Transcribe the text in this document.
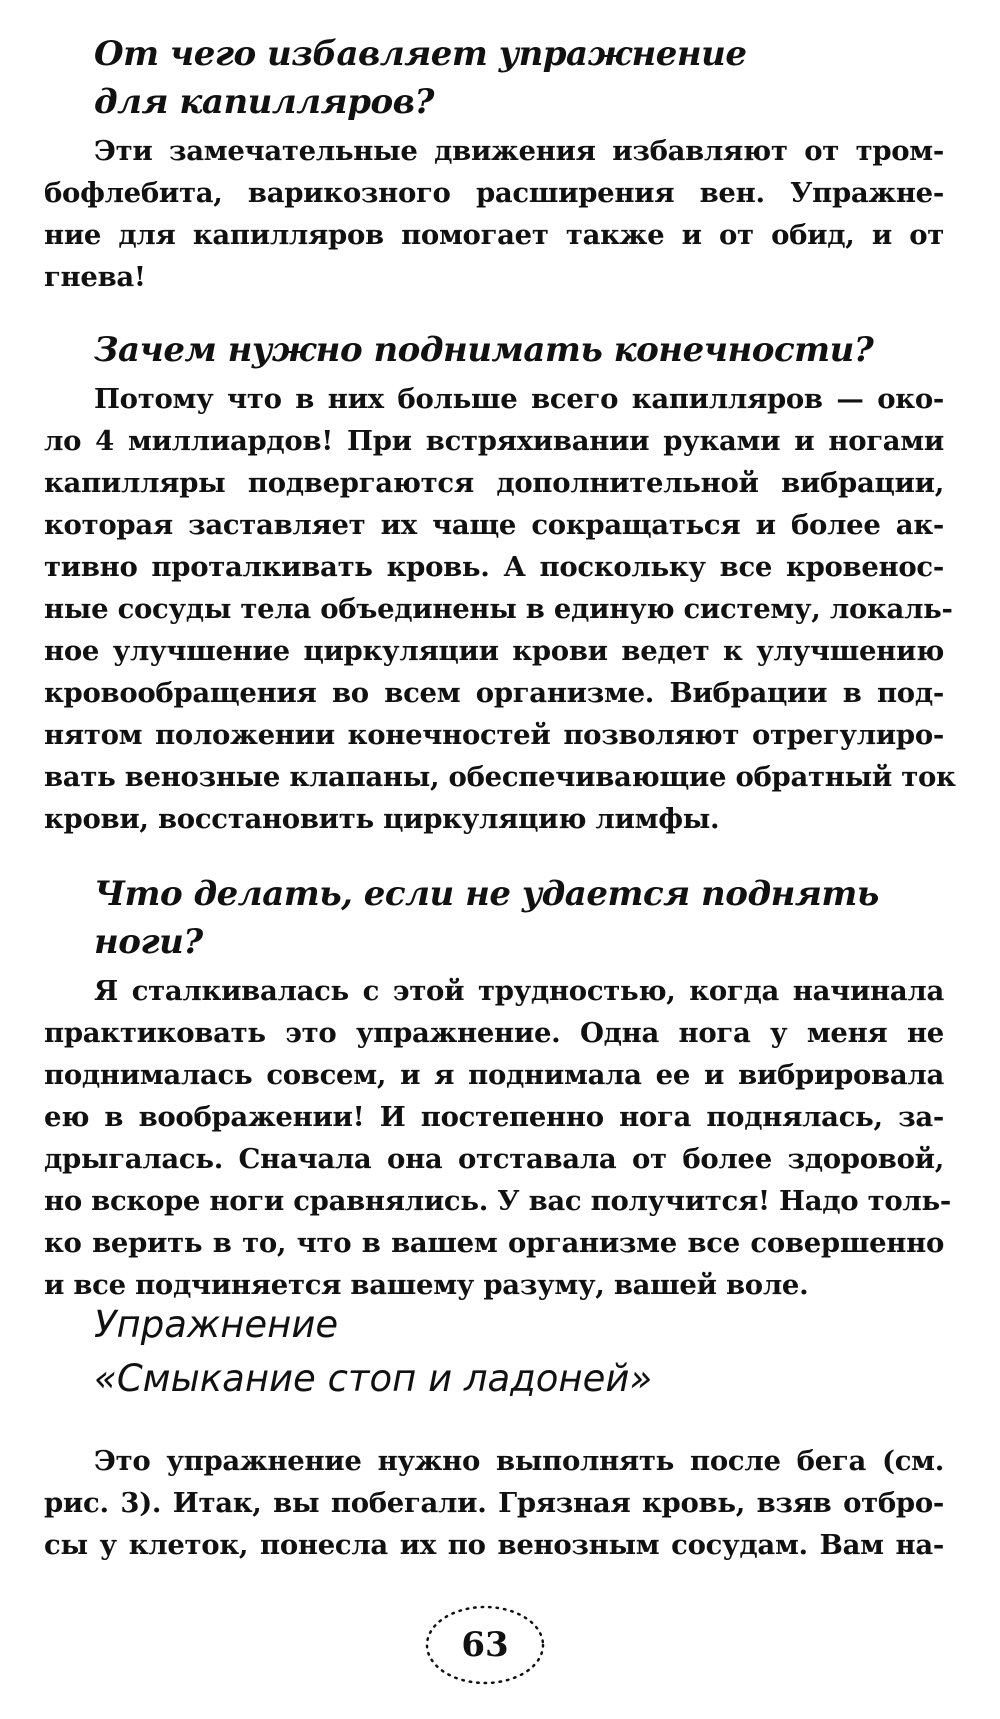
От чего избавляет упражнение
для капилляров?
Эти замечательные движения избавляют от тром-
бофлебита, варикозного расширения вен. Упражне-
ние для капилляров помогает также и от обид, и от
гнева!
Зачем нужно поднимать конечности?
Потому что в них больше всего капилляров — око-
ло 4 миллиардов! При встряхивании руками и ногами
капилляры подвергаются дополнительной вибрации,
которая заставляет их чаще сокращаться и более ак-
тивно проталкивать кровь. А поскольку все кровенос-
ные сосуды тела объединены в единую систему, локаль-
ное улучшение циркуляции крови ведет к улучшению
кровообращения во всем организме. Вибрации в под-
нятом положении конечностей позволяют отрегулиро-
вать венозные клапаны, обеспечивающие обратный ток
крови, восстановить циркуляцию лимфы.
Что делать, если не удается поднять ноги?
Я сталкивалась с этой трудностью, когда начинала
практиковать это упражнение. Одна нога у меня не
поднималась совсем, и я поднимала ее и вибрировала
ею в воображении! И постепенно нога поднялась, за-
дрыгалась. Сначала она отставала от более здоровой,
но вскоре ноги сравнялись. У вас получится! Надо толь-
ко верить в то, что в вашем организме все совершенно
и все подчиняется вашему разуму, вашей воле.
Упражнение
«Смыкание стоп и ладоней»
Это упражнение нужно выполнять после бега (см.
рис. 3). Итак, вы побегали. Грязная кровь, взяв отбро-
сы у клеток, понесла их по венозным сосудам. Вам на-
63
